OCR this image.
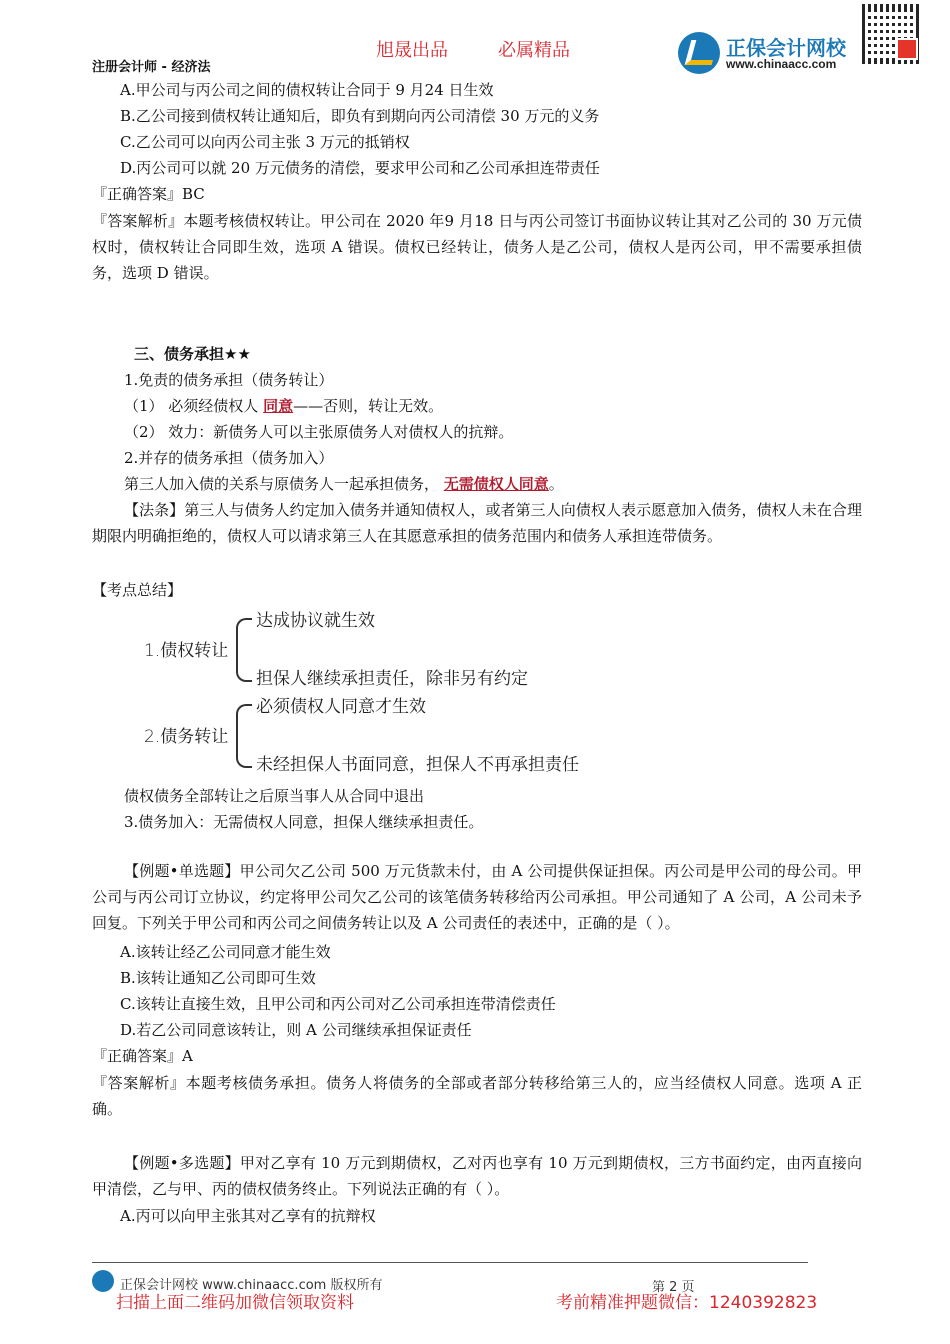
旭晟出品	必属精品
注册会计师 - 经济法
正保会计网校
www.chinaacc.com
A.甲公司与丙公司之间的债权转让合同于 9 月24 日生效
B.乙公司接到债权转让通知后，即负有到期向丙公司清偿 30 万元的义务
C.乙公司可以向丙公司主张 3 万元的抵销权
D.丙公司可以就 20 万元债务的清偿，要求甲公司和乙公司承担连带责任
『正确答案』BC
『答案解析』本题考核债权转让。甲公司在 2020 年9 月18 日与丙公司签订书面协议转让其对乙公司的 30 万元债权时，债权转让合同即生效，选项 A 错误。债权已经转让，债务人是乙公司，债权人是丙公司，甲不需要承担债务，选项 D 错误。
三、债务承担★★
1.免责的债务承担（债务转让）
（1） 必须经债权人 同意——否则，转让无效。
（2） 效力：新债务人可以主张原债务人对债权人的抗辩。
2.并存的债务承担（债务加入）
第三人加入债的关系与原债务人一起承担债务， 无需债权人同意。
【法条】第三人与债务人约定加入债务并通知债权人，或者第三人向债权人表示愿意加入债务，债权人未在合理期限内明确拒绝的，债权人可以请求第三人在其愿意承担的债务范围内和债务人承担连带债务。
【考点总结】
1.债权转让
达成协议就生效
担保人继续承担责任，除非另有约定
2.债务转让
必须债权人同意才生效
未经担保人书面同意，担保人不再承担责任
债权债务全部转让之后原当事人从合同中退出
3.债务加入：无需债权人同意，担保人继续承担责任。
【例题•单选题】甲公司欠乙公司 500 万元货款未付，由 A 公司提供保证担保。丙公司是甲公司的母公司。甲公司与丙公司订立协议，约定将甲公司欠乙公司的该笔债务转移给丙公司承担。甲公司通知了 A 公司，A 公司未予回复。下列关于甲公司和丙公司之间债务转让以及 A 公司责任的表述中，正确的是（ ）。
A.该转让经乙公司同意才能生效
B.该转让通知乙公司即可生效
C.该转让直接生效，且甲公司和丙公司对乙公司承担连带清偿责任
D.若乙公司同意该转让，则 A 公司继续承担保证责任
『正确答案』A
『答案解析』本题考核债务承担。债务人将债务的全部或者部分转移给第三人的，应当经债权人同意。选项 A 正确。
【例题•多选题】甲对乙享有 10 万元到期债权，乙对丙也享有 10 万元到期债权，三方书面约定，由丙直接向甲清偿，乙与甲、丙的债权债务终止。下列说法正确的有（ ）。
A.丙可以向甲主张其对乙享有的抗辩权
正保会计网校 www.chinaacc.com 版权所有	第 2 页
扫描上面二维码加微信领取资料	考前精准押题微信：1240392823
